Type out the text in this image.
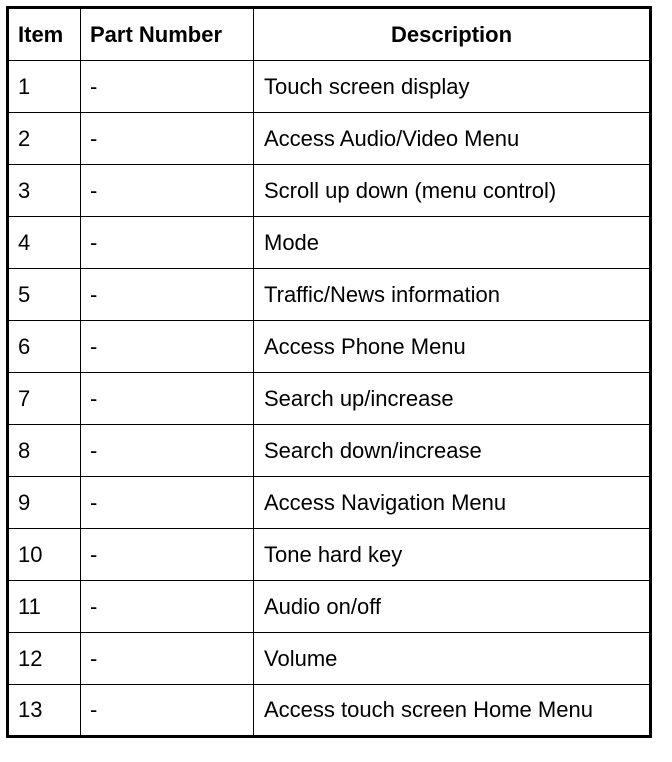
Item	Part Number	Description
1	-	Touch screen display
2	-	Access Audio/Video Menu
3	-	Scroll up down (menu control)
4	-	Mode
5	-	Traffic/News information
6	-	Access Phone Menu
7	-	Search up/increase
8	-	Search down/increase
9	-	Access Navigation Menu
10	-	Tone hard key
11	-	Audio on/off
12	-	Volume
13	-	Access touch screen Home Menu
